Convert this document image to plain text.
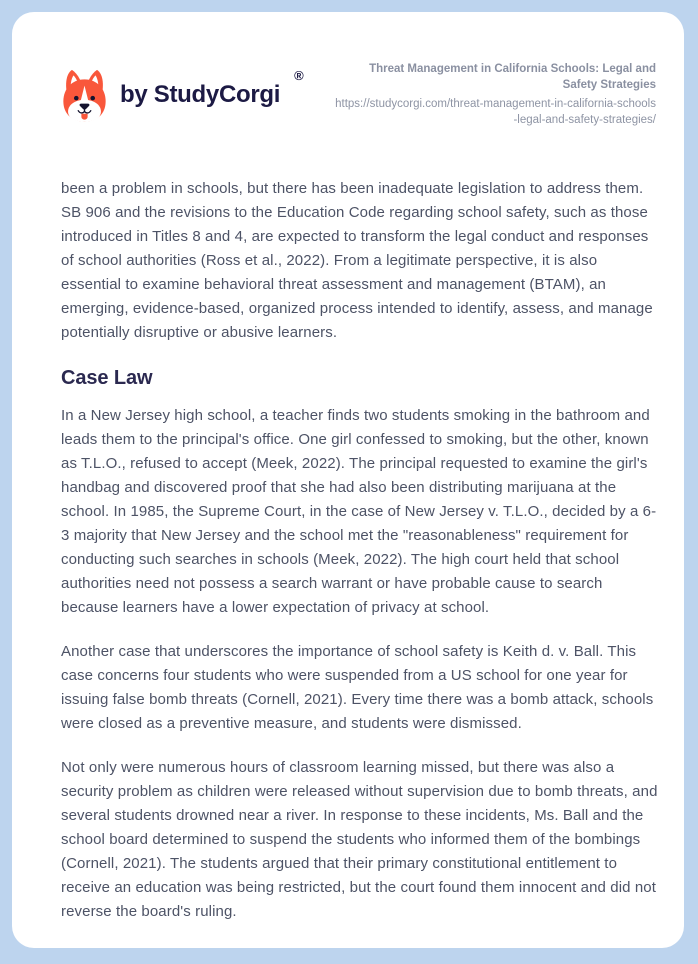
by StudyCorgi
®	Threat Management in California Schools: Legal and Safety Strategies
https://studycorgi.com/threat-management-in-california-schools-legal-and-safety-strategies/

been a problem in schools, but there has been inadequate legislation to address them. SB 906 and the revisions to the Education Code regarding school safety, such as those introduced in Titles 8 and 4, are expected to transform the legal conduct and responses of school authorities (Ross et al., 2022). From a legitimate perspective, it is also essential to examine behavioral threat assessment and management (BTAM), an emerging, evidence-based, organized process intended to identify, assess, and manage potentially disruptive or abusive learners.

Case Law

In a New Jersey high school, a teacher finds two students smoking in the bathroom and leads them to the principal's office. One girl confessed to smoking, but the other, known as T.L.O., refused to accept (Meek, 2022). The principal requested to examine the girl's handbag and discovered proof that she had also been distributing marijuana at the school. In 1985, the Supreme Court, in the case of New Jersey v. T.L.O., decided by a 6-3 majority that New Jersey and the school met the "reasonableness" requirement for conducting such searches in schools (Meek, 2022). The high court held that school authorities need not possess a search warrant or have probable cause to search because learners have a lower expectation of privacy at school.

Another case that underscores the importance of school safety is Keith d. v. Ball. This case concerns four students who were suspended from a US school for one year for issuing false bomb threats (Cornell, 2021). Every time there was a bomb attack, schools were closed as a preventive measure, and students were dismissed.

Not only were numerous hours of classroom learning missed, but there was also a security problem as children were released without supervision due to bomb threats, and several students drowned near a river. In response to these incidents, Ms. Ball and the school board determined to suspend the students who informed them of the bombings (Cornell, 2021). The students argued that their primary constitutional entitlement to receive an education was being restricted, but the court found them innocent and did not reverse the board's ruling.
